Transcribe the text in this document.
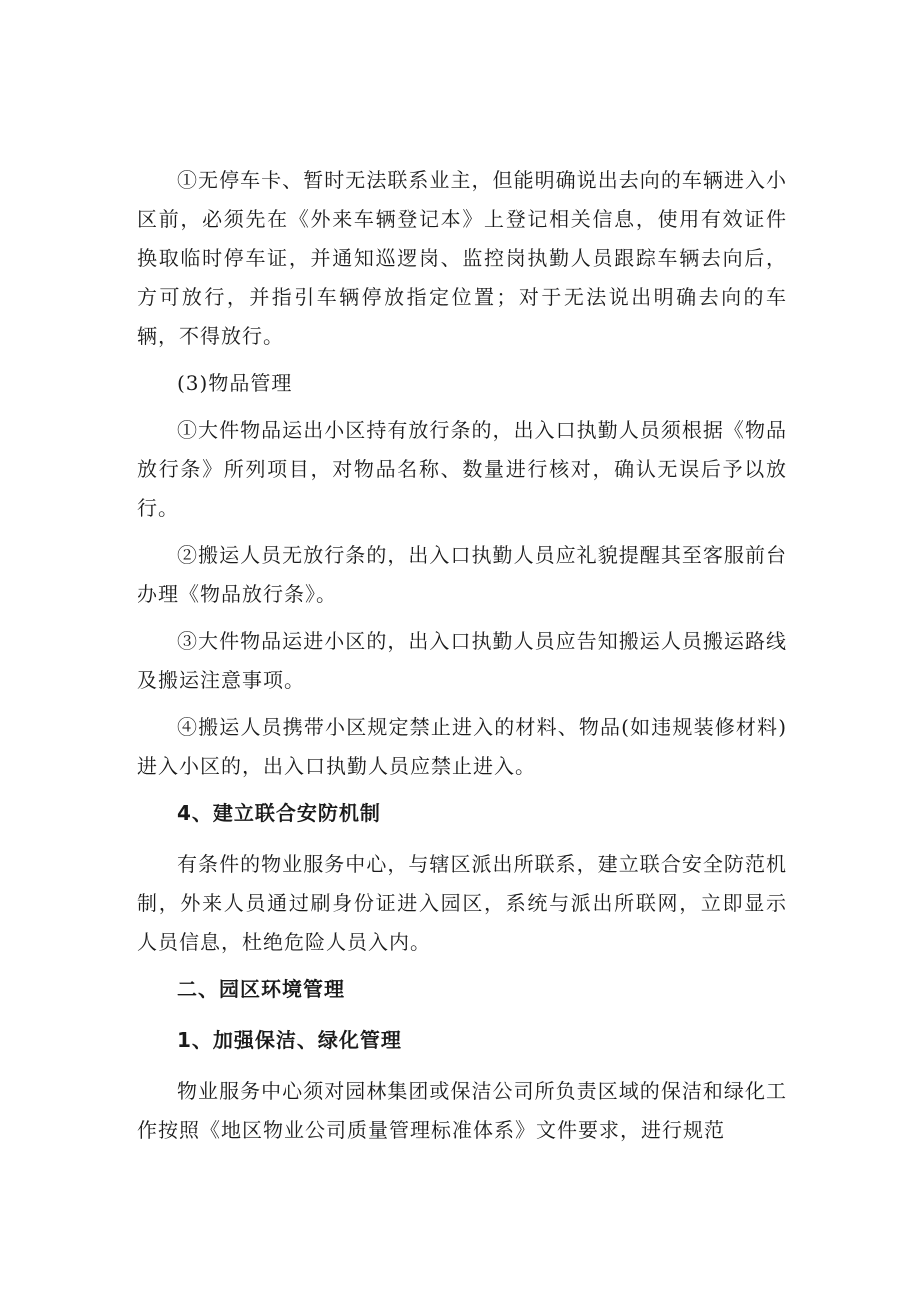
①无停车卡、暂时无法联系业主，但能明确说出去向的车辆进入小区前，必须先在《外来车辆登记本》上登记相关信息，使用有效证件换取临时停车证，并通知巡逻岗、监控岗执勤人员跟踪车辆去向后，方可放行，并指引车辆停放指定位置；对于无法说出明确去向的车辆，不得放行。

(3)物品管理

①大件物品运出小区持有放行条的，出入口执勤人员须根据《物品放行条》所列项目，对物品名称、数量进行核对，确认无误后予以放行。

②搬运人员无放行条的，出入口执勤人员应礼貌提醒其至客服前台办理《物品放行条》。

③大件物品运进小区的，出入口执勤人员应告知搬运人员搬运路线及搬运注意事项。

④搬运人员携带小区规定禁止进入的材料、物品(如违规装修材料)进入小区的，出入口执勤人员应禁止进入。

4、建立联合安防机制

有条件的物业服务中心，与辖区派出所联系，建立联合安全防范机制，外来人员通过刷身份证进入园区，系统与派出所联网，立即显示人员信息，杜绝危险人员入内。

二、园区环境管理

1、加强保洁、绿化管理

物业服务中心须对园林集团或保洁公司所负责区域的保洁和绿化工作按照《地区物业公司质量管理标准体系》文件要求，进行规范
